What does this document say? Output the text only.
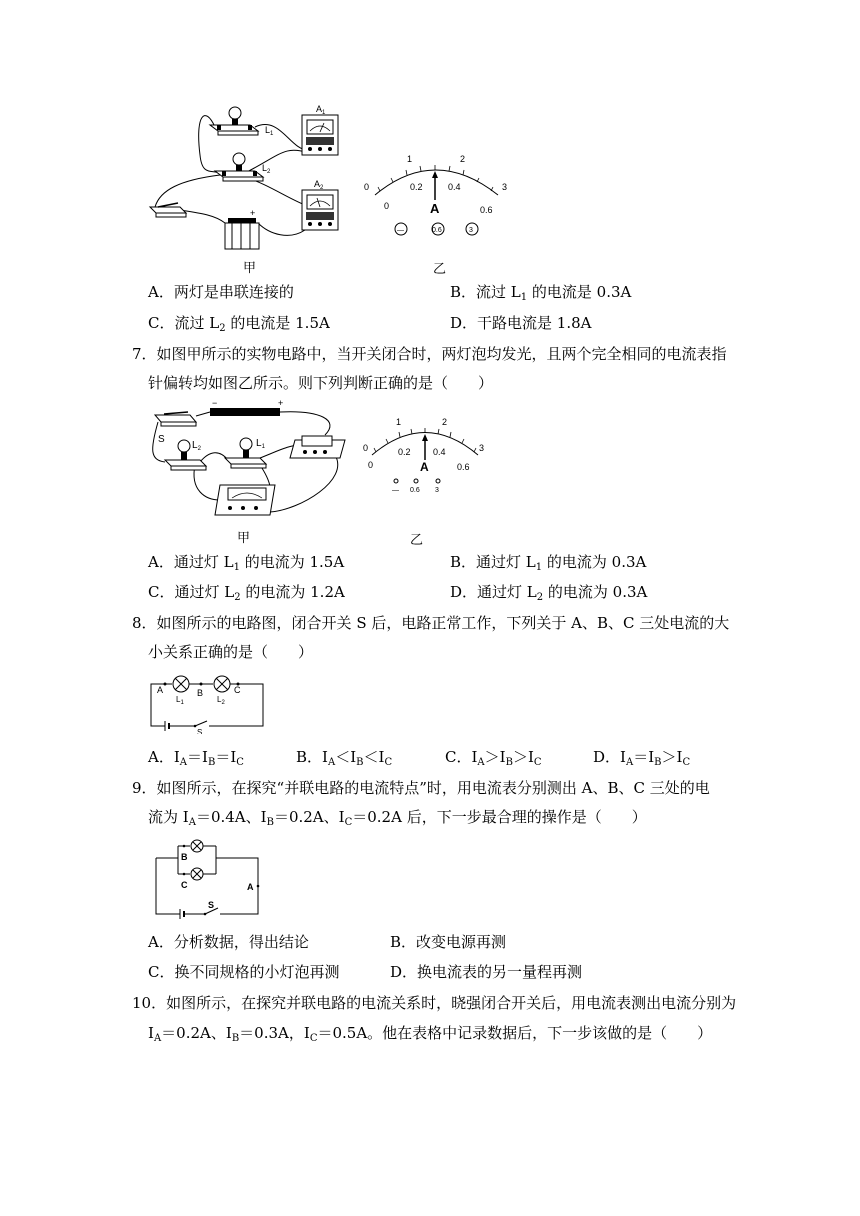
+
$L_1$
$L_2$
$A_1$
$A_2$	0
1	2
3
0
0.2	0.4
0.6
A
—	0.6	3
甲	乙
A．两灯是串联连接的	B．流过 $L_1$ 的电流是 0.3A
C．流过 $L_2$ 的电流是 1.5A	D．干路电流是 1.8A
7．如图甲所示的实物电路中，当开关闭合时，两灯泡均发光，且两个完全相同的电流表指
针偏转均如图乙所示。则下列判断正确的是（　　）
−	+
S
$L_2$	$L_1$	0
1	2
3
0
0.2 0.4
0.6
A
— 0.6 3
甲	乙
A．通过灯 $L_1$ 的电流为 1.5A	B．通过灯 $L_1$ 的电流为 0.3A
C．通过灯 $L_2$ 的电流为 1.2A	D．通过灯 $L_2$ 的电流为 0.3A
8．如图所示的电路图，闭合开关 S 后，电路正常工作，下列关于 A、B、C 三处电流的大
小关系正确的是（　　）
A	B	C
$L_1$	$L_2$
S
A．$I_A=I_B=I_C$	B．$I_A<I_B<I_C$	C．$I_A>I_B>I_C$	D．$I_A=I_B>I_C$
9．如图所示，在探究“并联电路的电流特点”时，用电流表分别测出 A、B、C 三处的电
流为 $I_A=0.4A$、$I_B=0.2A$、$I_C=0.2A$ 后，下一步最合理的操作是（　　）
B
C	A
S
A．分析数据，得出结论	B．改变电源再测
C．换不同规格的小灯泡再测	D．换电流表的另一量程再测
10．如图所示，在探究并联电路的电流关系时，晓强闭合开关后，用电流表测出电流分别为
$I_A=0.2A$、$I_B=0.3A$，$I_C=0.5A$。他在表格中记录数据后，下一步该做的是（　　）
